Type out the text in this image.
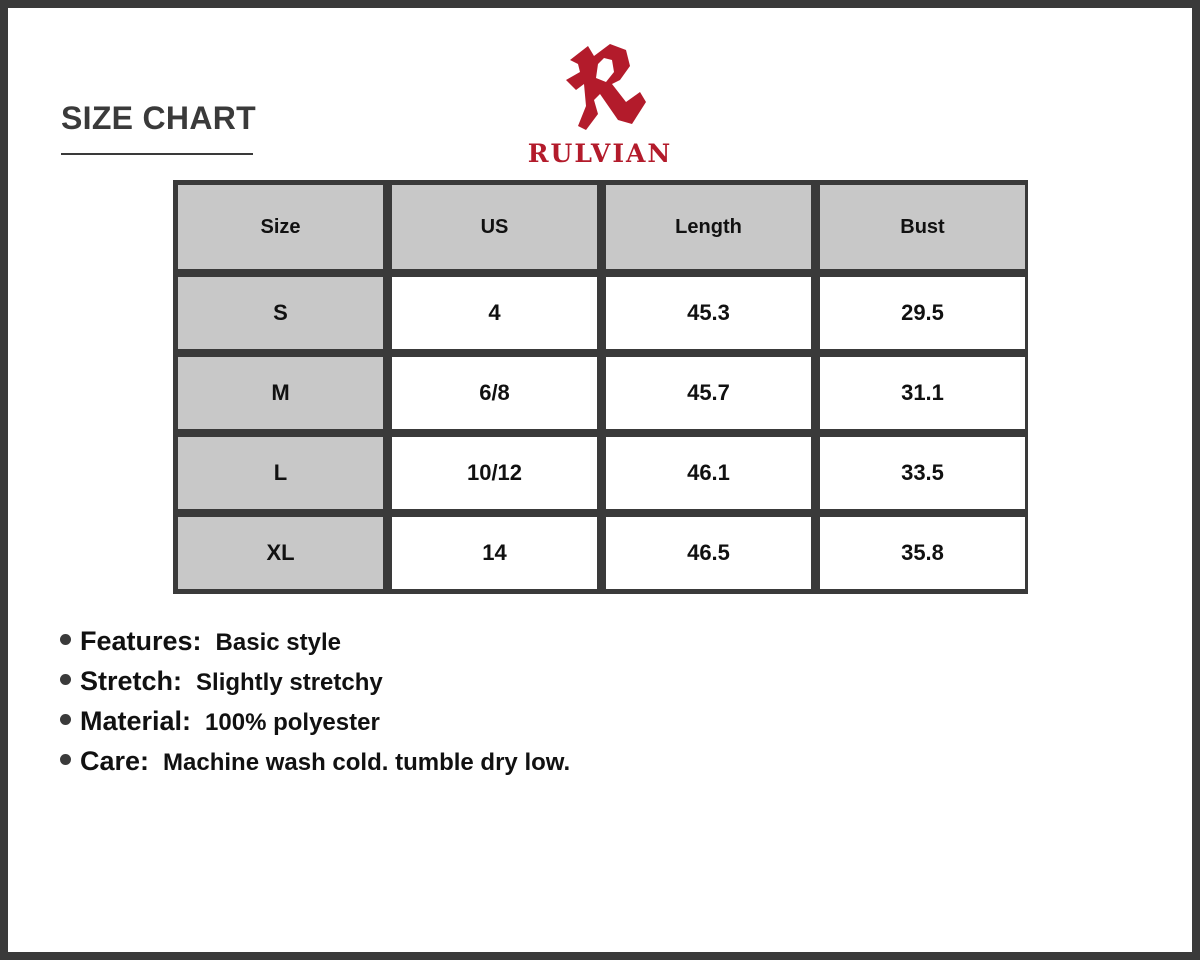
SIZE CHART
RULVIAN
Size	US	Length	Bust
S	4	45.3	29.5
M	6/8	45.7	31.1
L	10/12	46.1	33.5
XL	14	46.5	35.8
Features: Basic style
Stretch: Slightly stretchy
Material: 100% polyester
Care: Machine wash cold. tumble dry low.
